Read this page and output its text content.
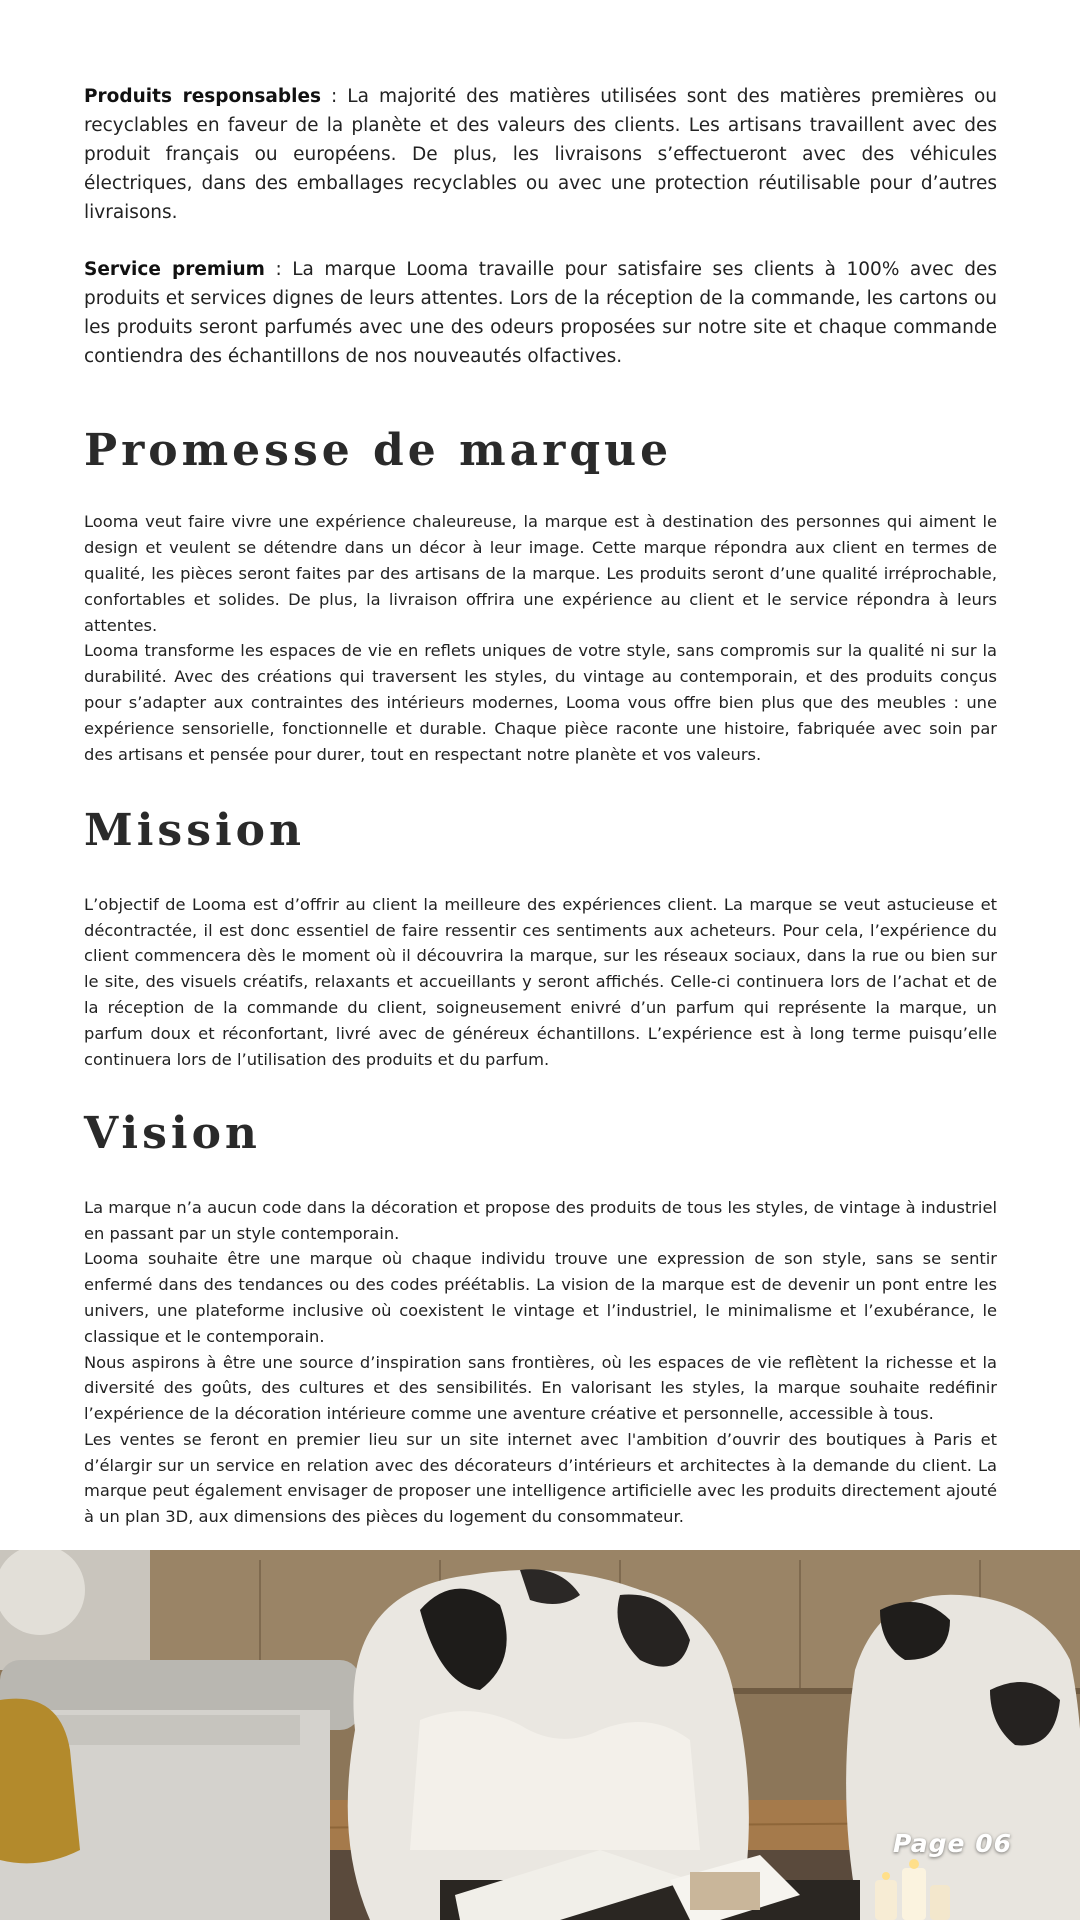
Produits responsables : La majorité des matières utilisées sont des matières premières ou recyclables en faveur de la planète et des valeurs des clients. Les artisans travaillent avec des produit français ou européens. De plus, les livraisons s’effectueront avec des véhicules électriques, dans des emballages recyclables ou avec une protection réutilisable pour d’autres livraisons.

Service premium : La marque Looma travaille pour satisfaire ses clients à 100% avec des produits et services dignes de leurs attentes. Lors de la réception de la commande, les cartons ou les produits seront parfumés avec une des odeurs proposées sur notre site et chaque commande contiendra des échantillons de nos nouveautés olfactives.

Promesse de marque

Looma veut faire vivre une expérience chaleureuse, la marque est à destination des personnes qui aiment le design et veulent se détendre dans un décor à leur image. Cette marque répondra aux client en termes de qualité, les pièces seront faites par des artisans de la marque. Les produits seront d’une qualité irréprochable, confortables et solides. De plus, la livraison offrira une expérience au client et le service répondra à leurs attentes.

Looma transforme les espaces de vie en reflets uniques de votre style, sans compromis sur la qualité ni sur la durabilité. Avec des créations qui traversent les styles, du vintage au contemporain, et des produits conçus pour s’adapter aux contraintes des intérieurs modernes, Looma vous offre bien plus que des meubles : une expérience sensorielle, fonctionnelle et durable. Chaque pièce raconte une histoire, fabriquée avec soin par des artisans et pensée pour durer, tout en respectant notre planète et vos valeurs.

Mission

L’objectif de Looma est d’offrir au client la meilleure des expériences client. La marque se veut astucieuse et décontractée, il est donc essentiel de faire ressentir ces sentiments aux acheteurs. Pour cela, l’expérience du client commencera dès le moment où il découvrira la marque, sur les réseaux sociaux, dans la rue ou bien sur le site, des visuels créatifs, relaxants et accueillants y seront affichés. Celle-ci continuera lors de l’achat et de la réception de la commande du client, soigneusement enivré d’un parfum qui représente la marque, un parfum doux et réconfortant, livré avec de généreux échantillons. L’expérience est à long terme puisqu’elle continuera lors de l’utilisation des produits et du parfum.

Vision

La marque n’a aucun code dans la décoration et propose des produits de tous les styles, de vintage à industriel en passant par un style contemporain.

Looma souhaite être une marque où chaque individu trouve une expression de son style, sans se sentir enfermé dans des tendances ou des codes préétablis. La vision de la marque est de devenir un pont entre les univers, une plateforme inclusive où coexistent le vintage et l’industriel, le minimalisme et l’exubérance, le classique et le contemporain.

Nous aspirons à être une source d’inspiration sans frontières, où les espaces de vie reflètent la richesse et la diversité des goûts, des cultures et des sensibilités. En valorisant les styles, la marque souhaite redéfinir l’expérience de la décoration intérieure comme une aventure créative et personnelle, accessible à tous.

Les ventes se feront en premier lieu sur un site internet avec l'ambition d’ouvrir des boutiques à Paris et d’élargir sur un service en relation avec des décorateurs d’intérieurs et architectes à la demande du client. La marque peut également envisager de proposer une intelligence artificielle avec les produits directement ajouté à un plan 3D, aux dimensions des pièces du logement du consommateur.

Page 06
